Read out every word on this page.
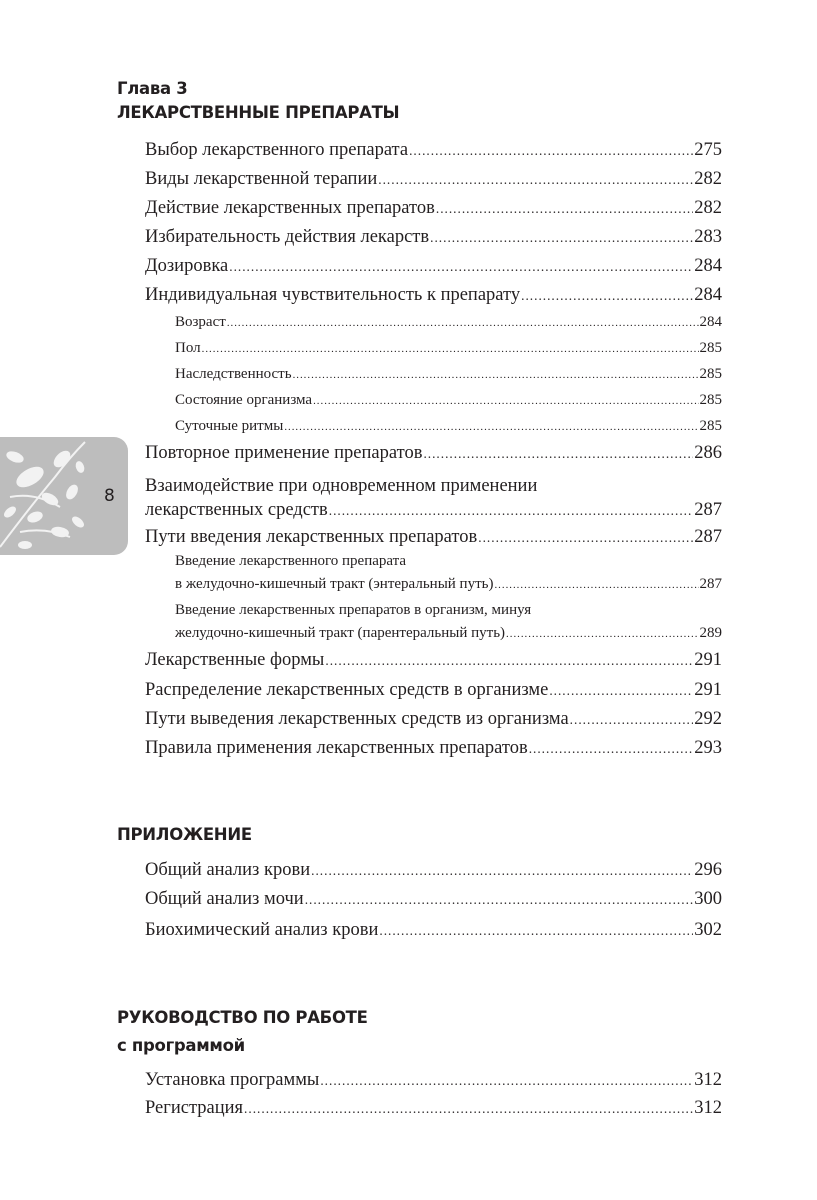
8
Глава 3
ЛЕКАРСТВЕННЫЕ ПРЕПАРАТЫ
Выбор лекарственного препарата .....	275
Виды лекарственной терапии .....	282
Действие лекарственных препаратов .....	282
Избирательность действия лекарств .....	283
Дозировка .....	284
Индивидуальная чувствительность к препарату .....	284
Возраст .....	284
Пол .....	285
Наследственность .....	285
Состояние организма .....	285
Суточные ритмы .....	285
Повторное применение препаратов .....	286
Взаимодействие при одновременном применении
лекарственных средств .....	287
Пути введения лекарственных препаратов .....	287
Введение лекарственного препарата
в желудочно-кишечный тракт (энтеральный путь) .....	287
Введение лекарственных препаратов в организм, минуя
желудочно-кишечный тракт (парентеральный путь) .....	289
Лекарственные формы .....	291
Распределение лекарственных средств в организме .....	291
Пути выведения лекарственных средств из организма .....	292
Правила применения лекарственных препаратов .....	293
ПРИЛОЖЕНИЕ
Общий анализ крови .....	296
Общий анализ мочи .....	300
Биохимический анализ крови .....	302
РУКОВОДСТВО ПО РАБОТЕ
с программой
Установка программы .....	312
Регистрация .....	312
